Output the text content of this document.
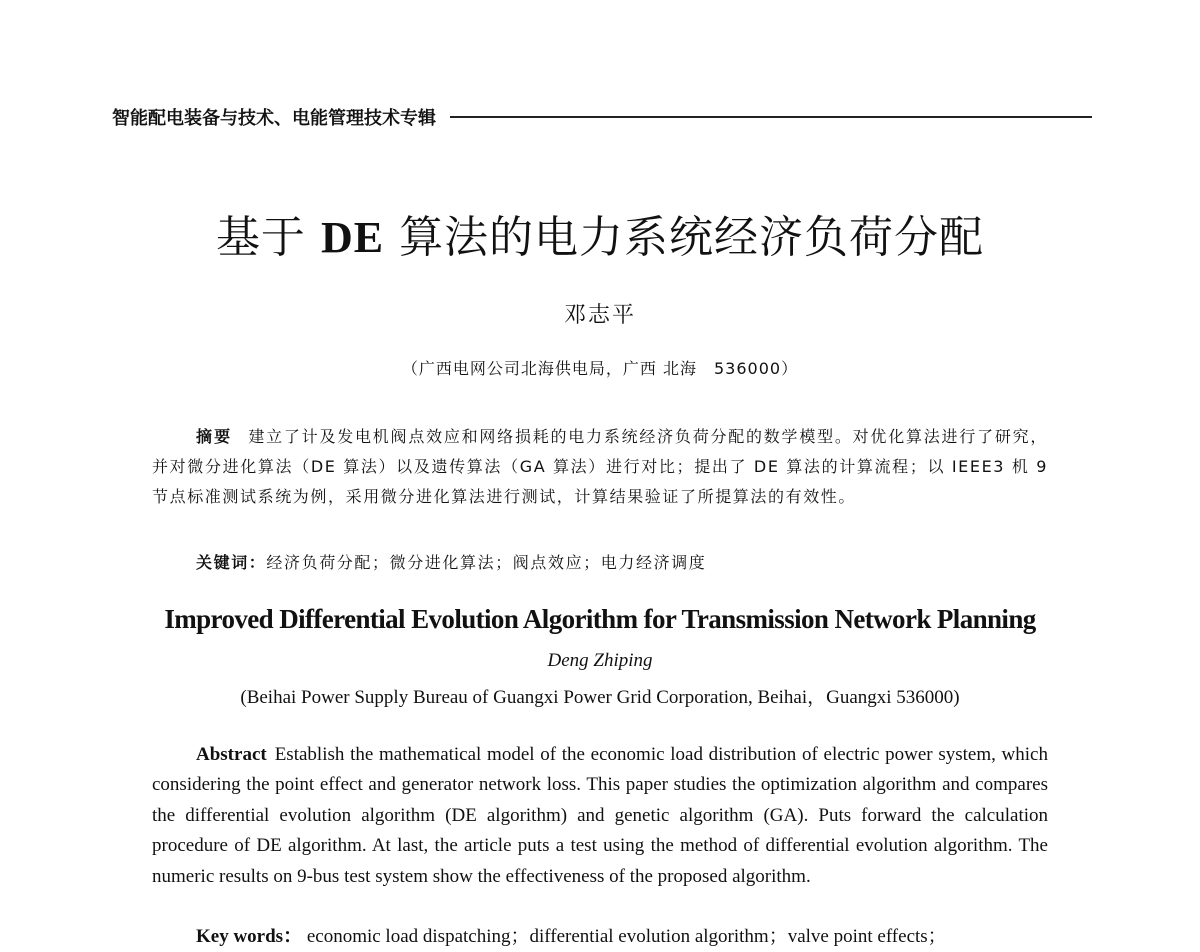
智能配电装备与技术、电能管理技术专辑
基于 DE 算法的电力系统经济负荷分配
邓志平
（广西电网公司北海供电局，广西 北海　536000）
摘要 建立了计及发电机阀点效应和网络损耗的电力系统经济负荷分配的数学模型。对优化算法进行了研究，并对微分进化算法（DE 算法）以及遗传算法（GA 算法）进行对比；提出了 DE 算法的计算流程；以 IEEE3 机 9 节点标准测试系统为例，采用微分进化算法进行测试，计算结果验证了所提算法的有效性。
关键词：经济负荷分配；微分进化算法；阀点效应；电力经济调度
Improved Differential Evolution Algorithm for Transmission Network Planning
Deng Zhiping
(Beihai Power Supply Bureau of Guangxi Power Grid Corporation, Beihai，Guangxi 536000)
Abstract Establish the mathematical model of the economic load distribution of electric power system, which considering the point effect and generator network loss. This paper studies the optimization algorithm and compares the differential evolution algorithm (DE algorithm) and genetic algorithm (GA). Puts forward the calculation procedure of DE algorithm. At last, the article puts a test using the method of differential evolution algorithm. The numeric results on 9-bus test system show the effectiveness of the proposed algorithm.
Key words： economic load dispatching；differential evolution algorithm；valve point effects；
